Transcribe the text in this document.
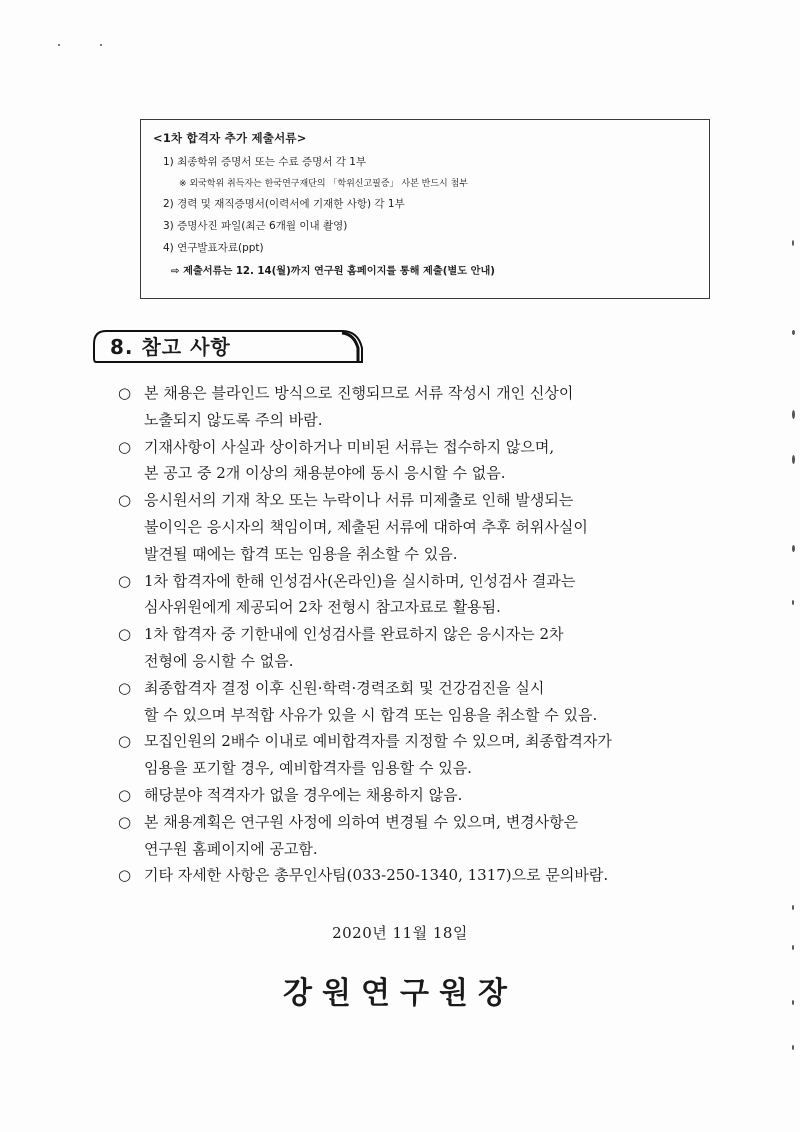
<1차 합격자 추가 제출서류>
1) 최종학위 증명서 또는 수료 증명서 각 1부
※ 외국학위 취득자는 한국연구재단의 「학위신고필증」 사본 반드시 첨부
2) 경력 및 재직증명서(이력서에 기재한 사항) 각 1부
3) 증명사진 파일(최근 6개월 이내 촬영)
4) 연구발표자료(ppt)
⇨ 제출서류는 12. 14(월)까지 연구원 홈페이지를 통해 제출(별도 안내)
8. 참고 사항
○ 본 채용은 블라인드 방식으로 진행되므로 서류 작성시 개인 신상이
노출되지 않도록 주의 바람.
○ 기재사항이 사실과 상이하거나 미비된 서류는 접수하지 않으며,
본 공고 중 2개 이상의 채용분야에 동시 응시할 수 없음.
○ 응시원서의 기재 착오 또는 누락이나 서류 미제출로 인해 발생되는
불이익은 응시자의 책임이며, 제출된 서류에 대하여 추후 허위사실이
발견될 때에는 합격 또는 임용을 취소할 수 있음.
○ 1차 합격자에 한해 인성검사(온라인)을 실시하며, 인성검사 결과는
심사위원에게 제공되어 2차 전형시 참고자료로 활용됨.
○ 1차 합격자 중 기한내에 인성검사를 완료하지 않은 응시자는 2차
전형에 응시할 수 없음.
○ 최종합격자 결정 이후 신원·학력·경력조회 및 건강검진을 실시
할 수 있으며 부적합 사유가 있을 시 합격 또는 임용을 취소할 수 있음.
○ 모집인원의 2배수 이내로 예비합격자를 지정할 수 있으며, 최종합격자가
임용을 포기할 경우, 예비합격자를 임용할 수 있음.
○ 해당분야 적격자가 없을 경우에는 채용하지 않음.
○ 본 채용계획은 연구원 사정에 의하여 변경될 수 있으며, 변경사항은
연구원 홈페이지에 공고함.
○ 기타 자세한 사항은 총무인사팀(033-250-1340, 1317)으로 문의바람.
2020년 11월 18일
강원연구원장
